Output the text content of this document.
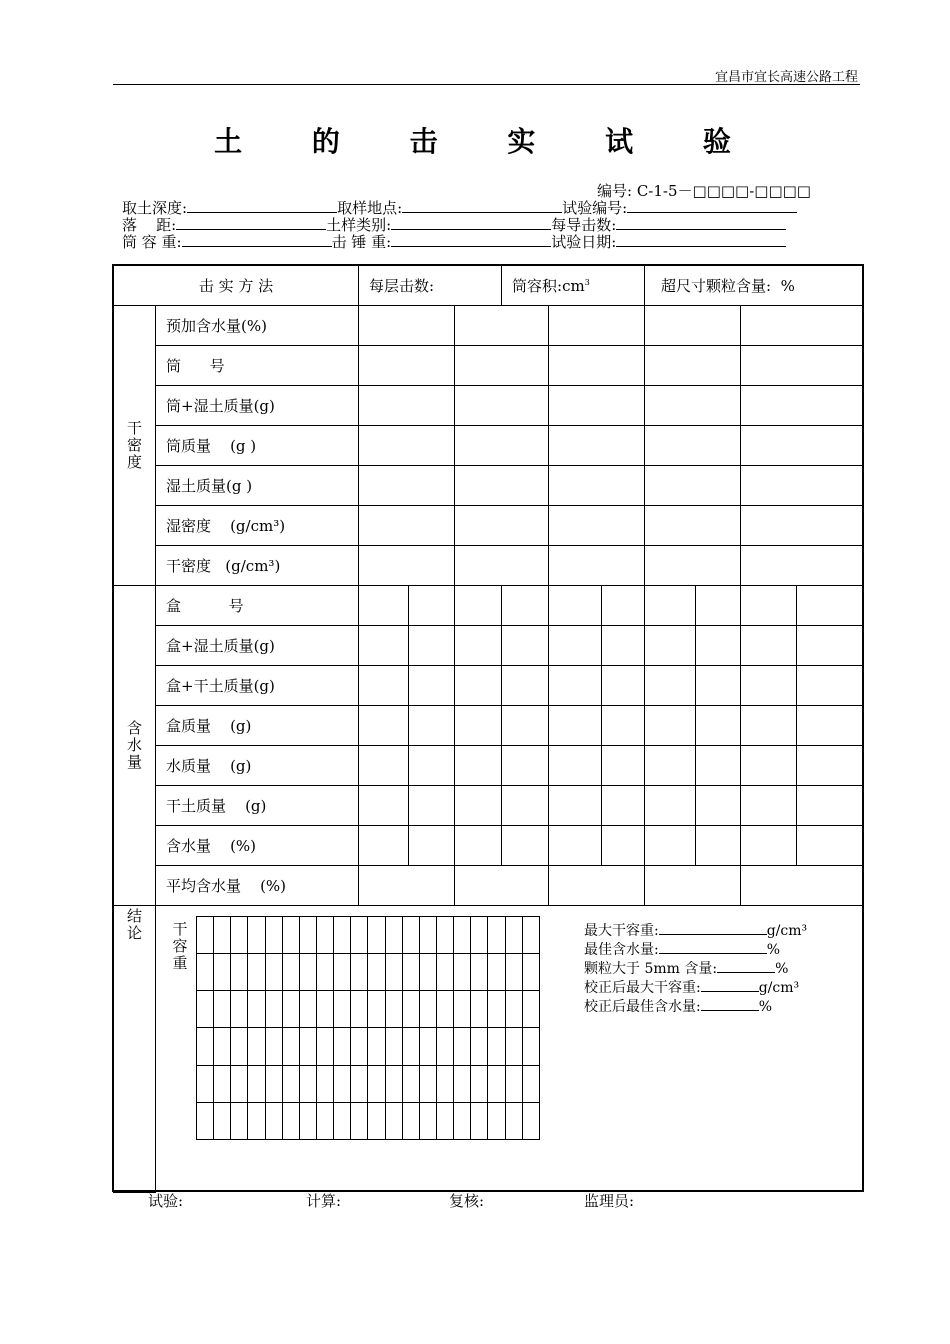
宜昌市宜长高速公路工程
土 的 击 实 试 验
编号: C-1-5－□□□□-□□□□
取土深度:	取样地点:	试验编号:
落    距:	土样类别:	每导击数:
筒 容 重:	击 锤 重:	试验日期:
击 实 方 法		每层击数:			筒容积$:cm^3$			超尺寸颗粒含量:  %			

干密度	预加含水量(%)										
	筒      号										
	筒+湿土质量(g)										
	筒质量    (g )										
	湿土质量(g )										
	湿密度    (g/cm³)										
	干密度   (g/cm³)										

含水量	盒          号										
	盒+湿土质量(g)										
	盒+干土质量(g)										
	盒质量    (g)										
	水质量    (g)										
	干土质量    (g)										
	含水量    (%)										
	平均含水量    (%)										

结论											
	干容重

最大干容重:	g/cm³
最佳含水量:	%
颗粒大于 5mm 含量:	%
校正后最大干容重:	g/cm³
校正后最佳含水量:	%
试验:	计算:	复核:	监理员:
